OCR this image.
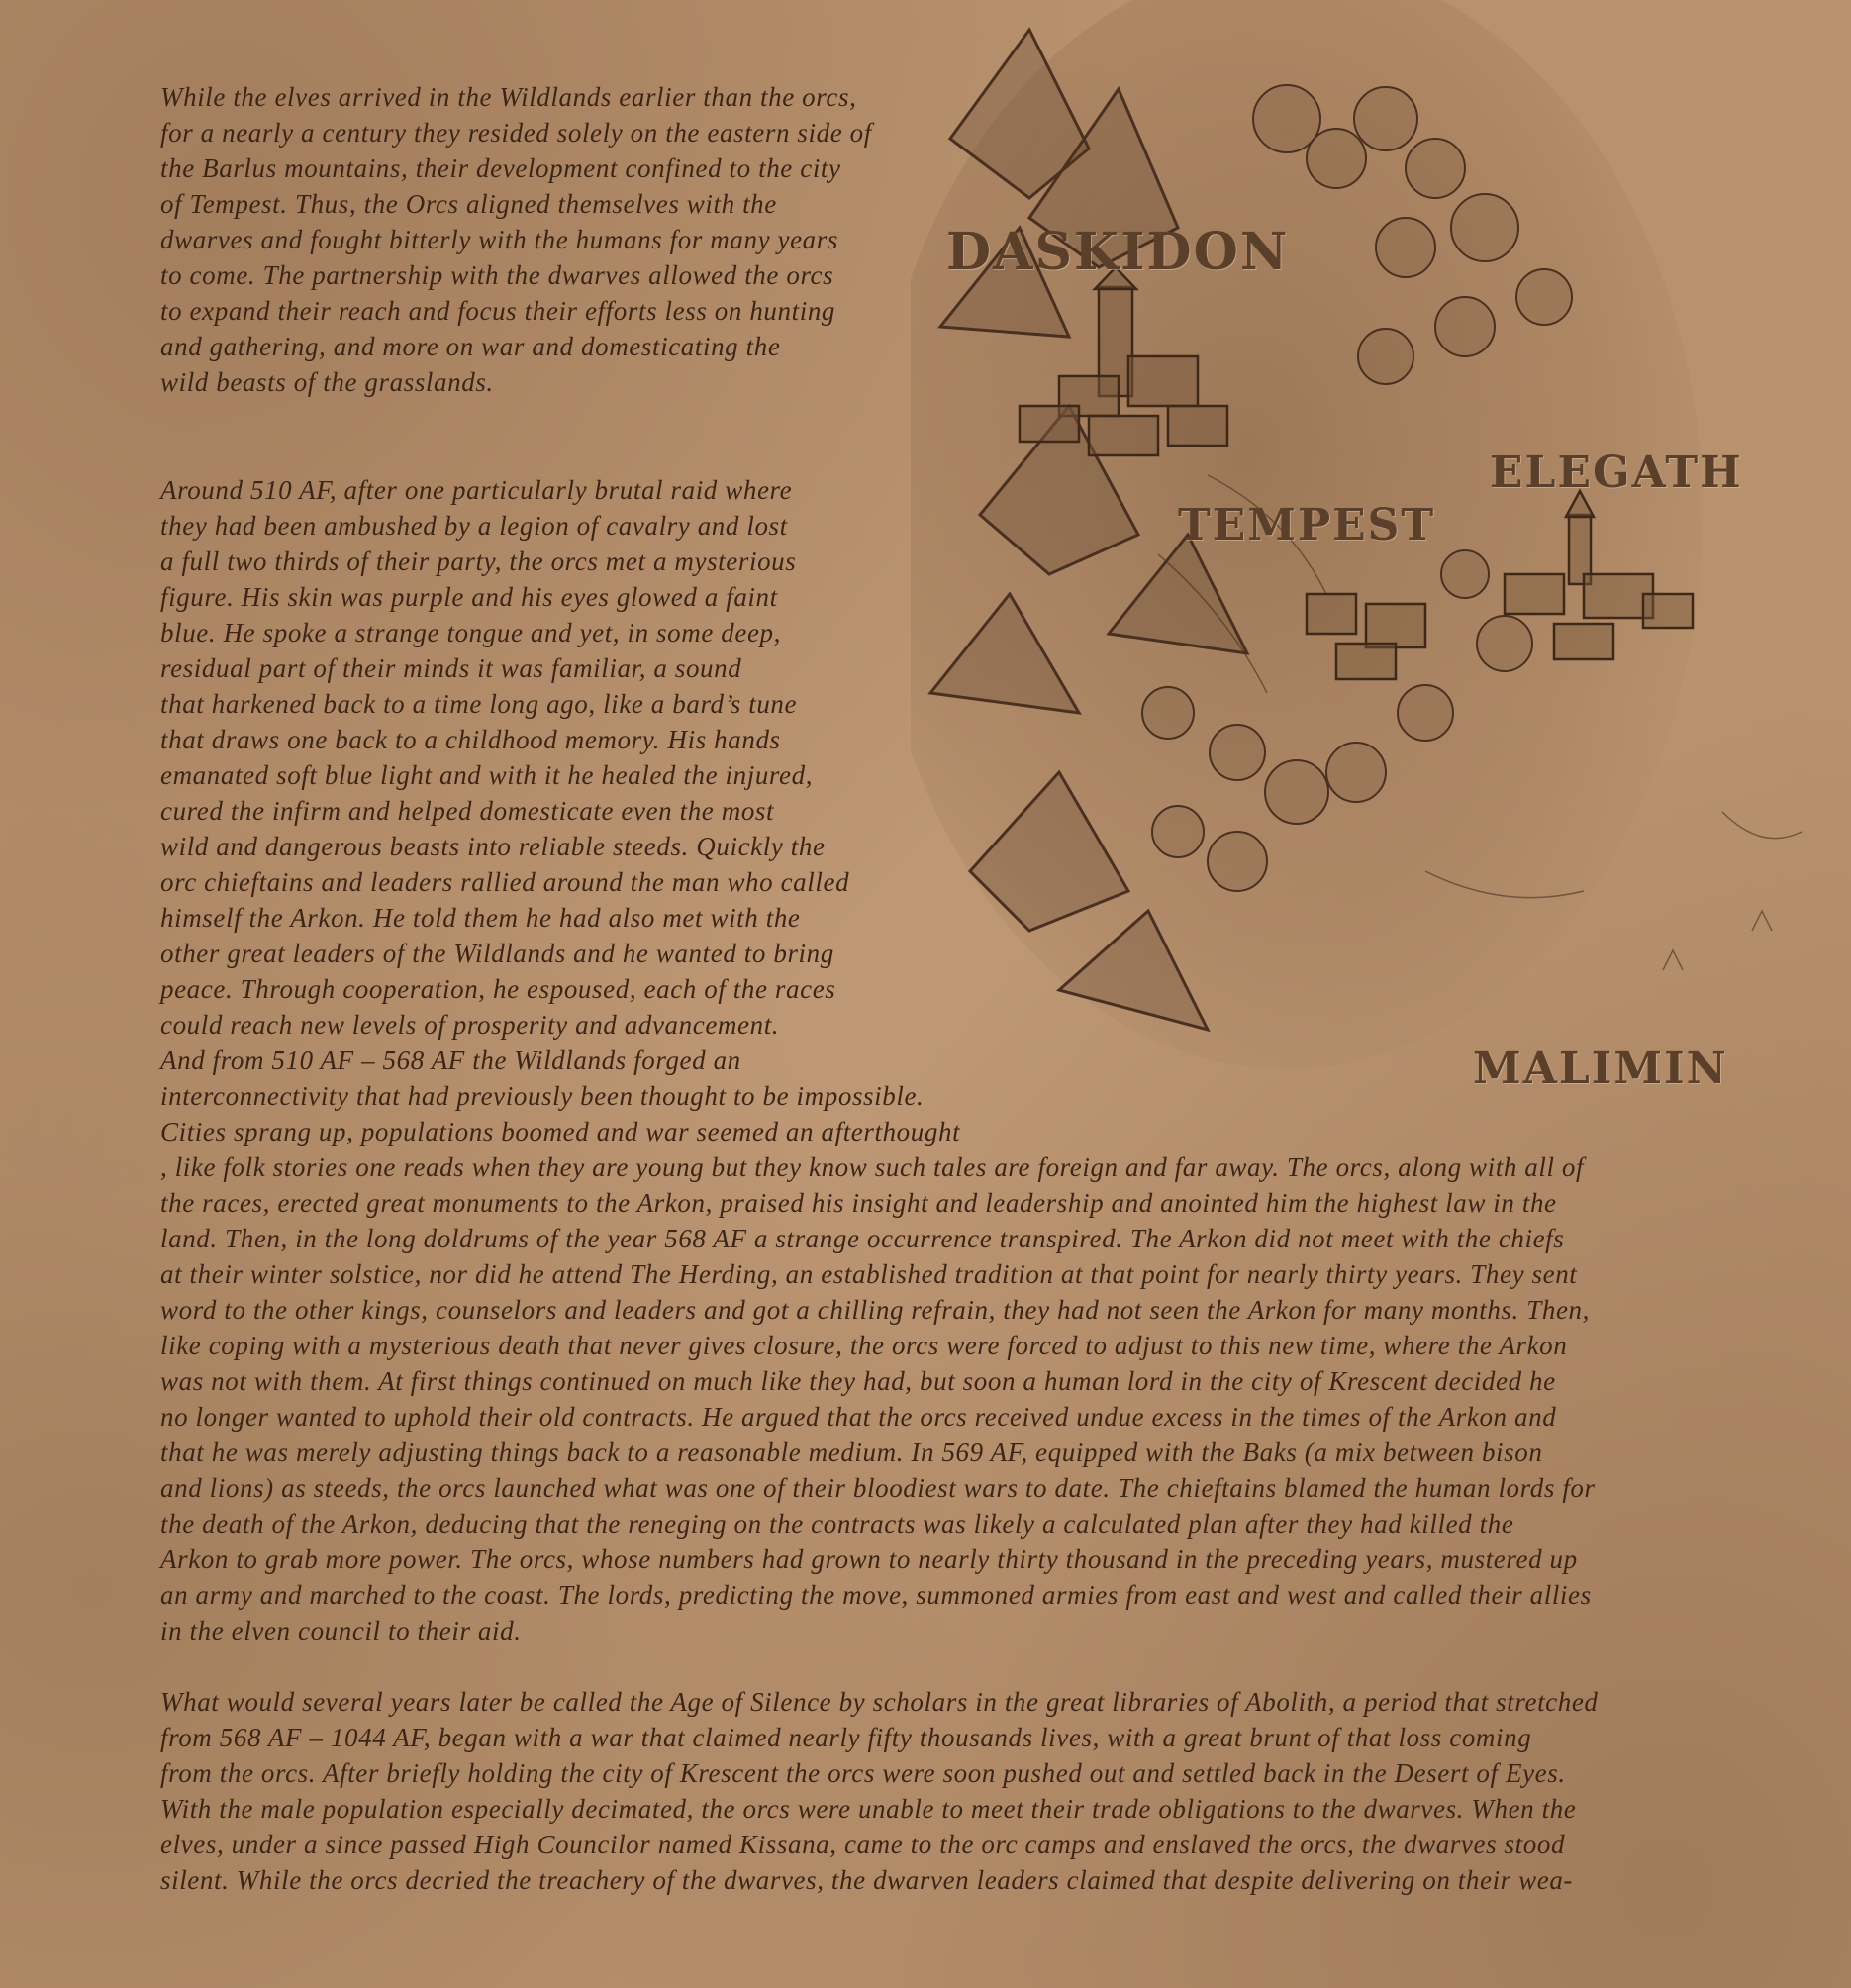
DASKIDON
TEMPEST
ELEGATH
MALIMIN

While the elves arrived in the Wildlands earlier than the orcs,
for a nearly a century they resided solely on the eastern side of
the Barlus mountains, their development confined to the city
of Tempest. Thus, the Orcs aligned themselves with the
dwarves and fought bitterly with the humans for many years
to come. The partnership with the dwarves allowed the orcs
to expand their reach and focus their efforts less on hunting
and gathering, and more on war and domesticating the
wild beasts of the grasslands.

Around 510 AF, after one particularly brutal raid where
they had been ambushed by a legion of cavalry and lost
a full two thirds of their party, the orcs met a mysterious
figure. His skin was purple and his eyes glowed a faint
blue. He spoke a strange tongue and yet, in some deep,
residual part of their minds it was familiar, a sound
that harkened back to a time long ago, like a bard’s tune
that draws one back to a childhood memory. His hands
emanated soft blue light and with it he healed the injured,
cured the infirm and helped domesticate even the most
wild and dangerous beasts into reliable steeds. Quickly the
orc chieftains and leaders rallied around the man who called
himself the Arkon. He told them he had also met with the
other great leaders of the Wildlands and he wanted to bring
peace. Through cooperation, he espoused, each of the races
could reach new levels of prosperity and advancement.
And from 510 AF – 568 AF the Wildlands forged an
interconnectivity that had previously been thought to be impossible.
Cities sprang up, populations boomed and war seemed an afterthought
, like folk stories one reads when they are young but they know such tales are foreign and far away. The orcs, along with all of
the races, erected great monuments to the Arkon, praised his insight and leadership and anointed him the highest law in the
land. Then, in the long doldrums of the year 568 AF a strange occurrence transpired. The Arkon did not meet with the chiefs
at their winter solstice, nor did he attend The Herding, an established tradition at that point for nearly thirty years. They sent
word to the other kings, counselors and leaders and got a chilling refrain, they had not seen the Arkon for many months. Then,
like coping with a mysterious death that never gives closure, the orcs were forced to adjust to this new time, where the Arkon
was not with them. At first things continued on much like they had, but soon a human lord in the city of Krescent decided he
no longer wanted to uphold their old contracts. He argued that the orcs received undue excess in the times of the Arkon and
that he was merely adjusting things back to a reasonable medium. In 569 AF, equipped with the Baks (a mix between bison
and lions) as steeds, the orcs launched what was one of their bloodiest wars to date. The chieftains blamed the human lords for
the death of the Arkon, deducing that the reneging on the contracts was likely a calculated plan after they had killed the
Arkon to grab more power. The orcs, whose numbers had grown to nearly thirty thousand in the preceding years, mustered up
an army and marched to the coast. The lords, predicting the move, summoned armies from east and west and called their allies
in the elven council to their aid.

What would several years later be called the Age of Silence by scholars in the great libraries of Abolith, a period that stretched
from 568 AF – 1044 AF, began with a war that claimed nearly fifty thousands lives, with a great brunt of that loss coming
from the orcs. After briefly holding the city of Krescent the orcs were soon pushed out and settled back in the Desert of Eyes.
With the male population especially decimated, the orcs were unable to meet their trade obligations to the dwarves. When the
elves, under a since passed High Councilor named Kissana, came to the orc camps and enslaved the orcs, the dwarves stood
silent. While the orcs decried the treachery of the dwarves, the dwarven leaders claimed that despite delivering on their wea-
